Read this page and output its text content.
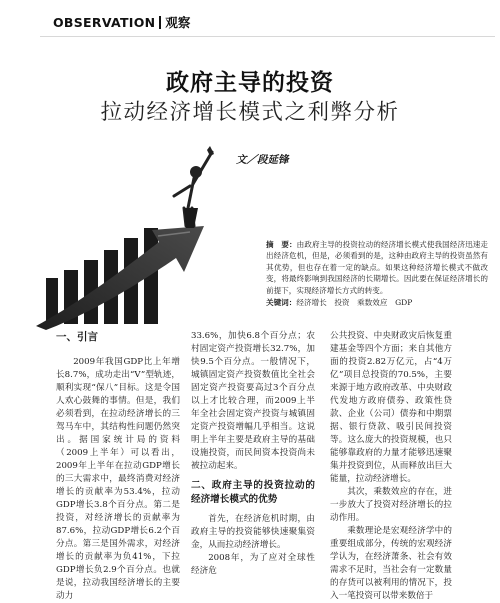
OBSERVATION 观察
政府主导的投资
拉动经济增长模式之利弊分析
文／段延锋

摘　要：由政府主导的投资拉动的经济增长模式使我国经济迅速走出经济危机，但是，必须看到的是，这种由政府主导的投资虽然有其优势，但也存在着一定的缺点。如果这种经济增长模式不做改变，将最终影响到我国经济的长期增长。因此要在保证经济增长的前提下，实现经济增长方式的转变。

关键词：经济增长　投资　乘数效应　GDP

一、引言

2009年我国GDP比上年增长8.7%，成功走出“V”型轨迹，顺利实现“保八”目标。这是令国人欢心鼓舞的事情。但是，我们必须看到，在拉动经济增长的三驾马车中，其结构性问题仍然突出。据国家统计局的资料（2009上半年）可以看出，2009年上半年在拉动GDP增长的三大需求中，最终消费对经济增长的贡献率为53.4%，拉动GDP增长3.8个百分点。第二是投资，对经济增长的贡献率为87.6%，拉动GDP增长6.2个百分点。第三是国外需求，对经济增长的贡献率为负41%，下拉GDP增长负2.9个百分点。也就是说，拉动我国经济增长的主要动力

33.6%，加快6.8个百分点；农村固定资产投资增长32.7%，加快9.5个百分点。一般情况下，城镇固定资产投资数值比全社会固定资产投资要高过3个百分点以上才比较合理，而2009上半年全社会固定资产投资与城镇固定资产投资增幅几乎相当。这说明上半年主要是政府主导的基础设施投资，而民间资本投资尚未被拉动起来。

二、政府主导的投资拉动的经济增长模式的优势

首先，在经济危机时期，由政府主导的投资能够快速聚集资金，从而拉动经济增长。

2008年，为了应对全球性经济危

公共投资、中央财政灾后恢复重建基金等四个方面；来自其他方面的投资2.82万亿元，占“4万亿”项目总投资的70.5%，主要来源于地方政府改革、中央财政代发地方政府债券、政策性贷款、企业（公司）债券和中期票据、银行贷款、吸引民间投资等。这么庞大的投资规模，也只能够靠政府的力量才能够迅速聚集并投资到位，从而释放出巨大能量，拉动经济增长。

其次，乘数效应的存在，进一步放大了投资对经济增长的拉动作用。

乘数理论是宏观经济学中的重要组成部分，传统的宏观经济学认为，在经济萧条、社会有效需求不足时，当社会有一定数量的存货可以被利用的情况下，投入一笔投资可以带来数倍于
